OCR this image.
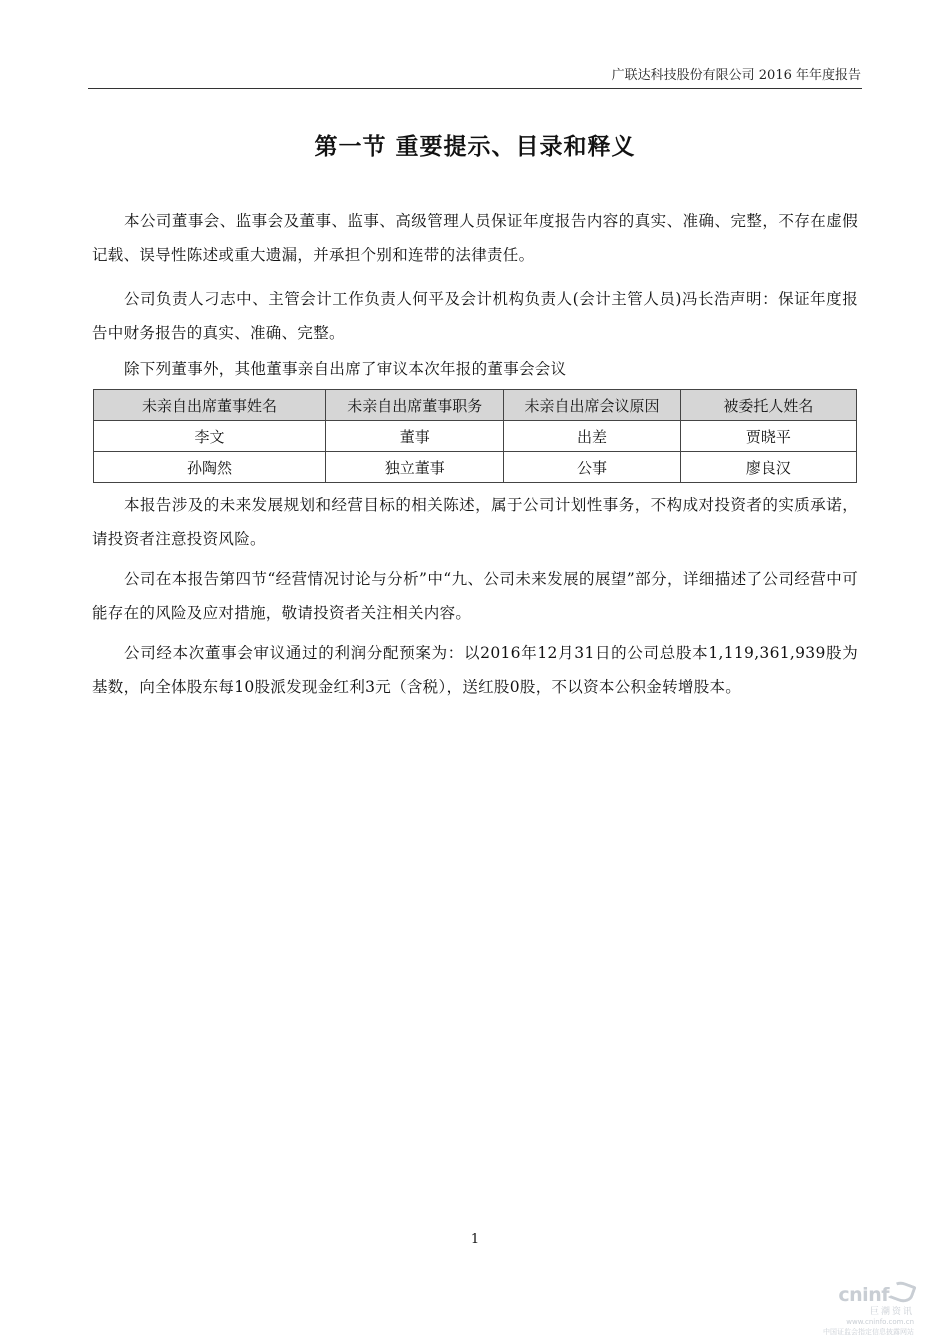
广联达科技股份有限公司 2016 年年度报告
第一节 重要提示、目录和释义
本公司董事会、监事会及董事、监事、高级管理人员保证年度报告内容的真实、准确、完整，不存在虚假记载、误导性陈述或重大遗漏，并承担个别和连带的法律责任。
公司负责人刁志中、主管会计工作负责人何平及会计机构负责人(会计主管人员)冯长浩声明：保证年度报告中财务报告的真实、准确、完整。
除下列董事外，其他董事亲自出席了审议本次年报的董事会会议
未亲自出席董事姓名	未亲自出席董事职务	未亲自出席会议原因	被委托人姓名
李文	董事	出差	贾晓平
孙陶然	独立董事	公事	廖良汉
本报告涉及的未来发展规划和经营目标的相关陈述，属于公司计划性事务，不构成对投资者的实质承诺，请投资者注意投资风险。
公司在本报告第四节“经营情况讨论与分析”中“九、公司未来发展的展望”部分，详细描述了公司经营中可能存在的风险及应对措施，敬请投资者关注相关内容。
公司经本次董事会审议通过的利润分配预案为：以2016年12月31日的公司总股本1,119,361,939股为基数，向全体股东每10股派发现金红利3元（含税），送红股0股，不以资本公积金转增股本。
1
cninf
巨潮资讯
www.cninfo.com.cn
中国证监会指定信息披露网站
